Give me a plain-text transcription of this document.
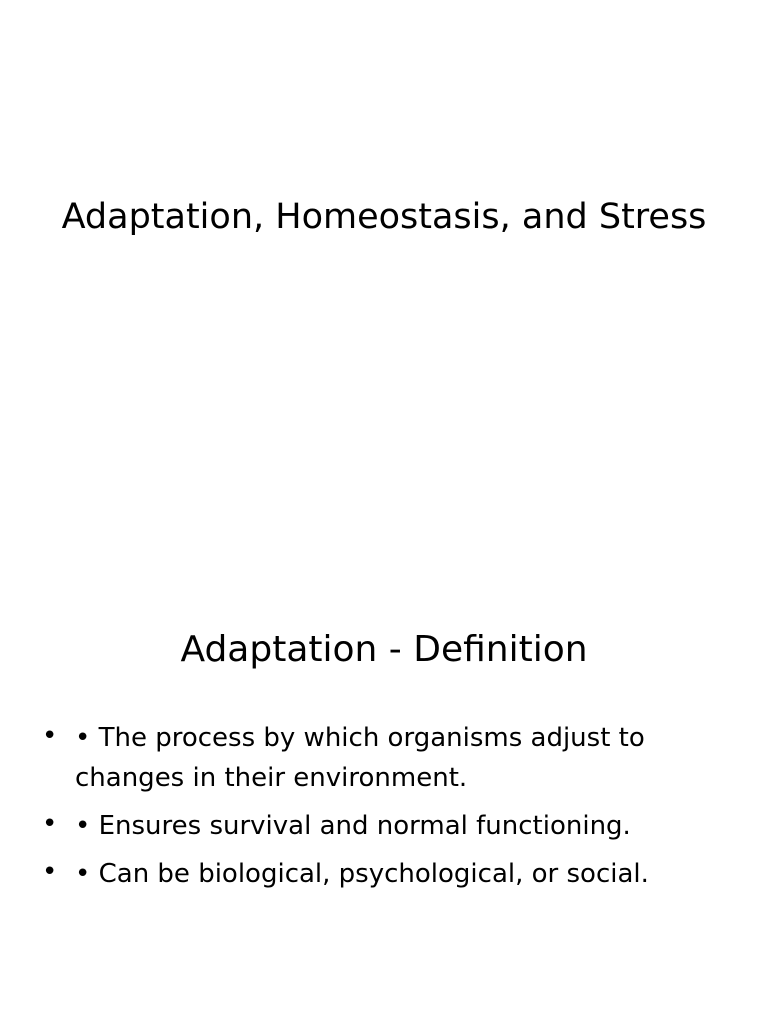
Adaptation, Homeostasis, and Stress
Adaptation - Definition
• • The process by which organisms adjust to changes in their environment.
• • Ensures survival and normal functioning.
• • Can be biological, psychological, or social.
